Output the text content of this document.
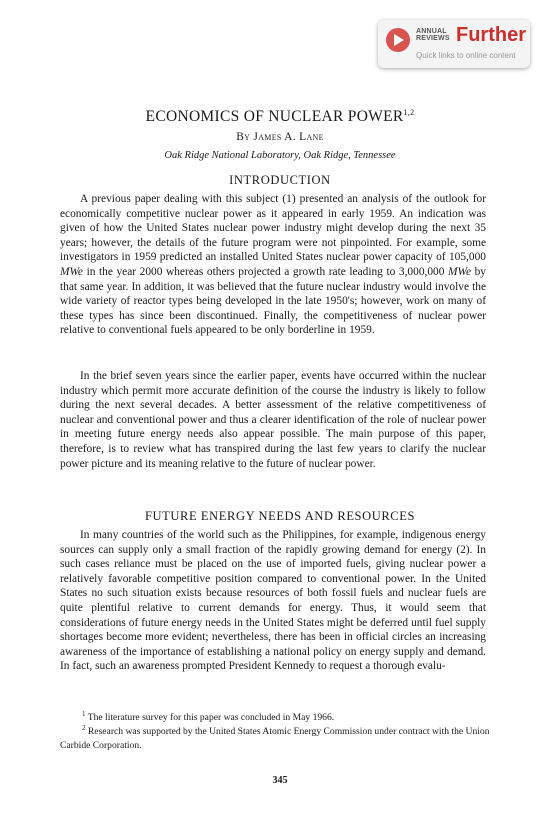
ANNUAL
REVIEWS Further
Quick links to online content
ECONOMICS OF NUCLEAR POWER$^{1,2}$
By James A. Lane
Oak Ridge National Laboratory, Oak Ridge, Tennessee
INTRODUCTION

A previous paper dealing with this subject (1) presented an analysis of the outlook for economically competitive nuclear power as it appeared in early 1959. An indication was given of how the United States nuclear power industry might develop during the next 35 years; however, the details of the future program were not pinpointed. For example, some investigators in 1959 predicted an installed United States nuclear power capacity of 105,000 MWe in the year 2000 whereas others projected a growth rate leading to 3,000,000 MWe by that same year. In addition, it was believed that the future nuclear industry would involve the wide variety of reactor types being developed in the late 1950's; however, work on many of these types has since been discontinued. Finally, the competitiveness of nuclear power relative to conventional fuels appeared to be only borderline in 1959.

In the brief seven years since the earlier paper, events have occurred within the nuclear industry which permit more accurate definition of the course the industry is likely to follow during the next several decades. A better assessment of the relative competitiveness of nuclear and conventional power and thus a clearer identification of the role of nuclear power in meeting future energy needs also appear possible. The main purpose of this paper, therefore, is to review what has transpired during the last few years to clarify the nuclear power picture and its meaning relative to the future of nuclear power.

FUTURE ENERGY NEEDS AND RESOURCES

In many countries of the world such as the Philippines, for example, indigenous energy sources can supply only a small fraction of the rapidly growing demand for energy (2). In such cases reliance must be placed on the use of imported fuels, giving nuclear power a relatively favorable competitive position compared to conventional power. In the United States no such situation exists because resources of both fossil fuels and nuclear fuels are quite plentiful relative to current demands for energy. Thus, it would seem that considerations of future energy needs in the United States might be deferred until fuel supply shortages become more evident; nevertheless, there has been in official circles an increasing awareness of the importance of establishing a national policy on energy supply and demand. In fact, such an awareness prompted President Kennedy to request a thorough evalu-

$^1$ The literature survey for this paper was concluded in May 1966.

$^2$ Research was supported by the United States Atomic Energy Commission under contract with the Union Carbide Corporation.

345
